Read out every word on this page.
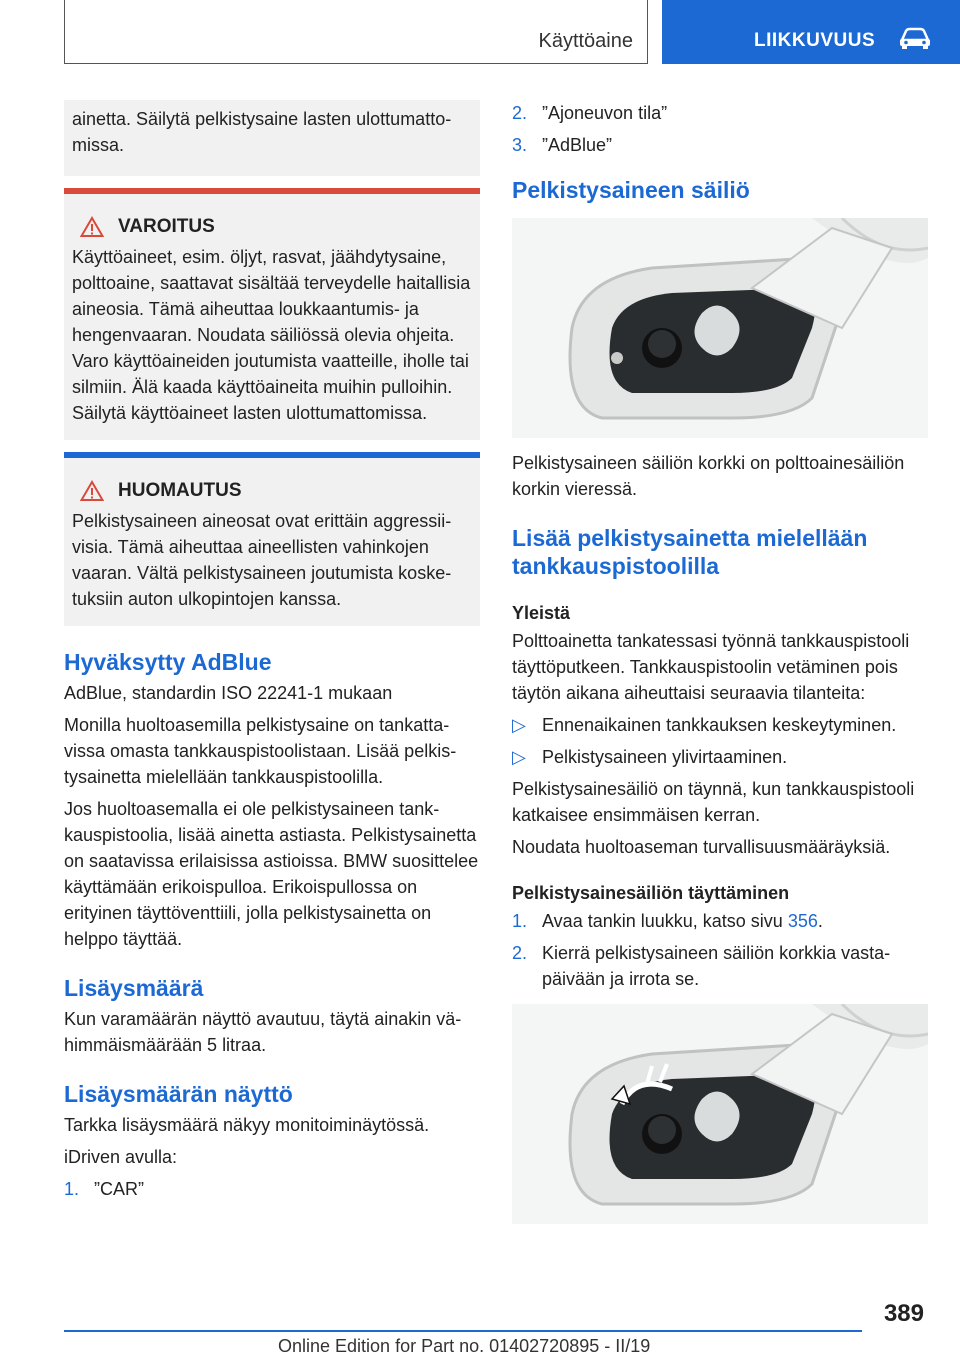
Käyttöaine	LIIKKUVUUS
ainetta. Säilytä pelkistysaine lasten ulottumattomissa.
VAROITUS
Käyttöaineet, esim. öljyt, rasvat, jäähdytysaine, polttoaine, saattavat sisältää terveydelle haitallisia aineosia. Tämä aiheuttaa loukkaantumis- ja hengenvaaran. Noudata säiliössä olevia ohjeita. Varo käyttöaineiden joutumista vaatteille, iholle tai silmiin. Älä kaada käyttöaineita muihin pulloihin. Säilytä käyttöaineet lasten ulottumattomissa.
HUOMAUTUS
Pelkistysaineen aineosat ovat erittäin aggressiivisia. Tämä aiheuttaa aineellisten vahinkojen vaaran. Vältä pelkistysaineen joutumista kosketuksiin auton ulkopintojen kanssa.
Hyväksytty AdBlue

AdBlue, standardin ISO 22241-1 mukaan

Monilla huoltoasemilla pelkistysaine on tankattavissa omasta tankkauspistoolistaan. Lisää pelkistysainetta mielellään tankkauspistoolilla.

Jos huoltoasemalla ei ole pelkistysaineen tankkauspistoolia, lisää ainetta astiasta. Pelkistysainetta on saatavissa erilaisissa astioissa. BMW suosittelee käyttämään erikoispulloa. Erikoispullossa on erityinen täyttöventtiili, jolla pelkistysainetta on helppo täyttää.

Lisäysmäärä

Kun varamäärän näyttö avautuu, täytä ainakin vähimmäismäärään 5 litraa.

Lisäysmäärän näyttö

Tarkka lisäysmäärä näkyy monitoiminäytössä.

iDriven avulla:

1. ”CAR”
2. ”Ajoneuvon tila”
3. ”AdBlue”
Pelkistysaineen säiliö

Pelkistysaineen säiliön korkki on polttoainesäiliön korkin vieressä.

Lisää pelkistysainetta mielellään tankkauspistoolilla
Yleistä

Polttoainetta tankatessasi työnnä tankkauspistooli täyttöputkeen. Tankkauspistoolin vetäminen pois täytön aikana aiheuttaisi seuraavia tilanteita:

▷ Ennenaikainen tankkauksen keskeytyminen.
▷ Pelkistysaineen ylivirtaaminen.

Pelkistysainesäiliö on täynnä, kun tankkauspistooli katkaisee ensimmäisen kerran.

Noudata huoltoaseman turvallisuusmääräyksiä.

Pelkistysainesäiliön täyttäminen
1. Avaa tankin luukku, katso sivu 356.
2. Kierrä pelkistysaineen säiliön korkkia vastapäivään ja irrota se.
389
Online Edition for Part no. 01402720895 - II/19
